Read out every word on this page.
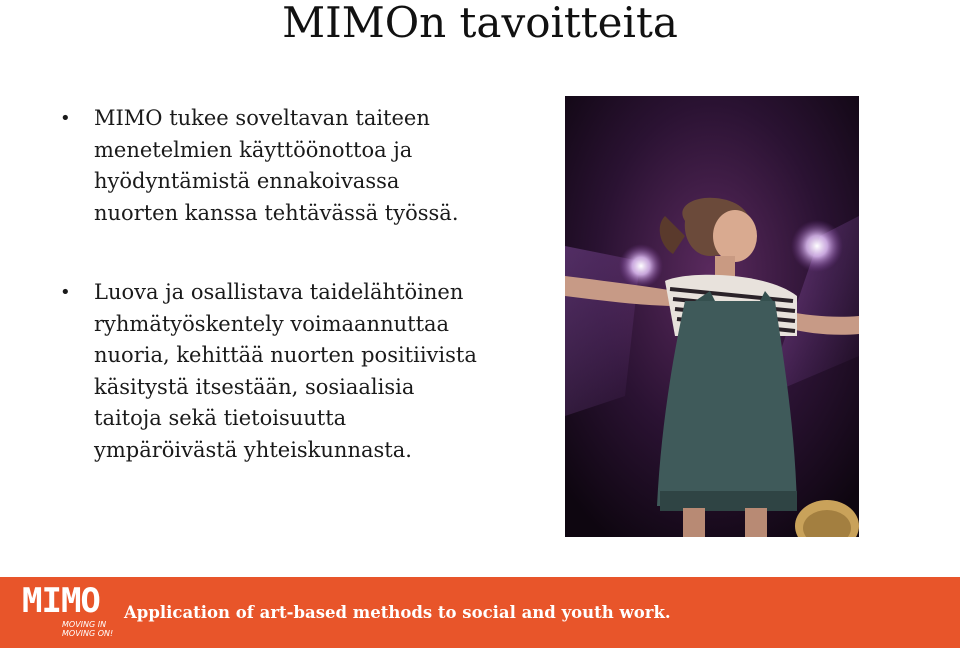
MIMOn tavoitteita
•	MIMO tukee soveltavan taiteen menetelmien käyttöönottoa ja hyödyntämistä ennakoivassa nuorten kanssa tehtävässä työssä.
•	Luova ja osallistava taidelähtöinen ryhmätyöskentely voimaannuttaa nuoria, kehittää nuorten positiivista käsitystä itsestään, sosiaalisia taitoja sekä tietoisuutta ympäröivästä yhteiskunnasta.
MIMO
MOVING IN
MOVING ON!
Application of art-based methods to social and youth work.
